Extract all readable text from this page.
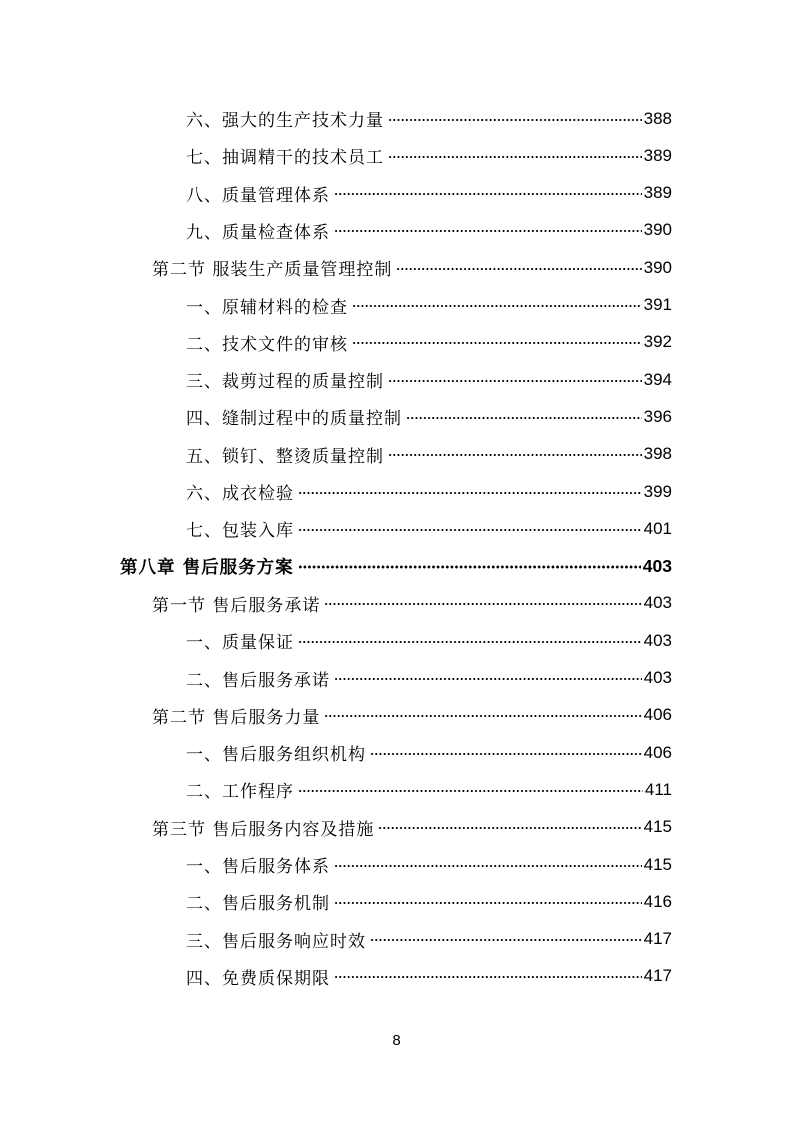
六、强大的生产技术力量	388
七、抽调精干的技术员工	389
八、质量管理体系	389
九、质量检查体系	390
第二节 服装生产质量管理控制	390
一、原辅材料的检查	391
二、技术文件的审核	392
三、裁剪过程的质量控制	394
四、缝制过程中的质量控制	396
五、锁钉、整烫质量控制	398
六、成衣检验	399
七、包装入库	401
第八章 售后服务方案	403
第一节 售后服务承诺	403
一、质量保证	403
二、售后服务承诺	403
第二节 售后服务力量	406
一、售后服务组织机构	406
二、工作程序	411
第三节 售后服务内容及措施	415
一、售后服务体系	415
二、售后服务机制	416
三、售后服务响应时效	417
四、免费质保期限	417
8
